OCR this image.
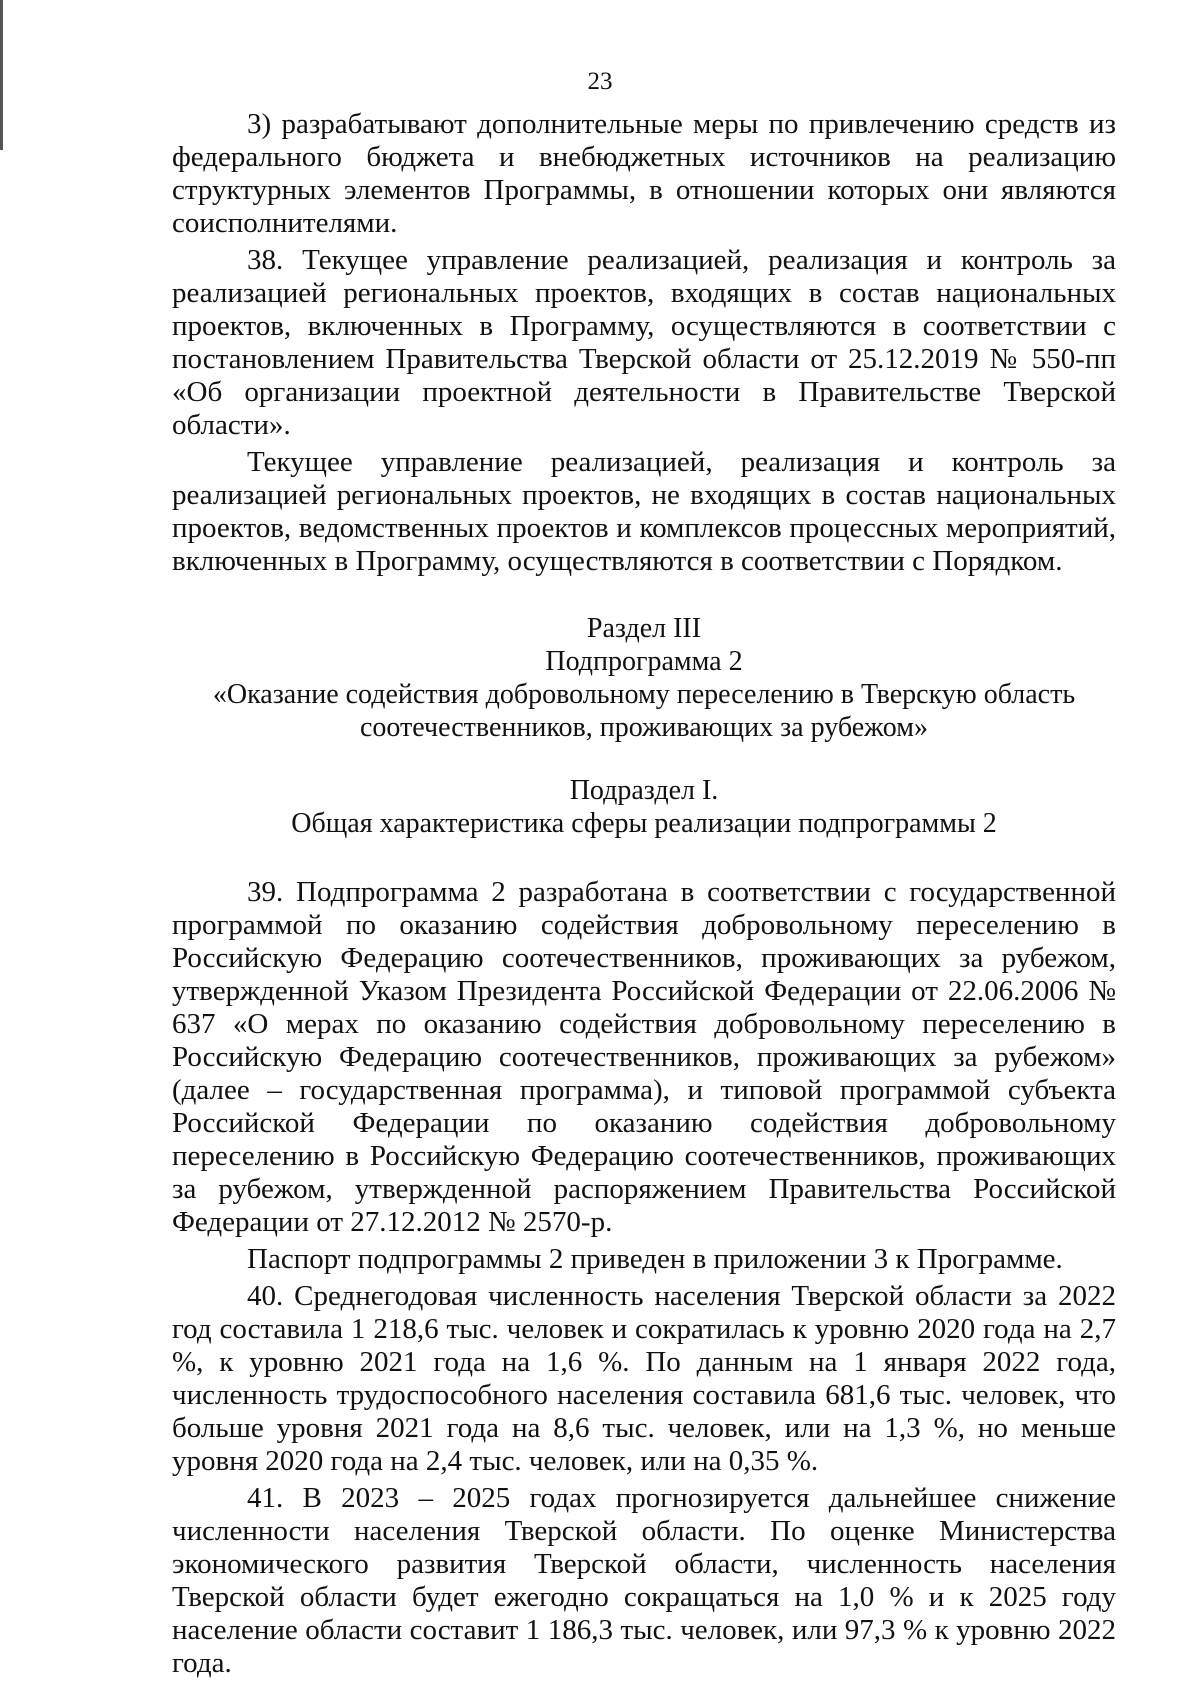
23

3) разрабатывают дополнительные меры по привлечению средств из федерального бюджета и внебюджетных источников на реализацию структурных элементов Программы, в отношении которых они являются соисполнителями.

38. Текущее управление реализацией, реализация и контроль за реализацией региональных проектов, входящих в состав национальных проектов, включенных в Программу, осуществляются в соответствии с постановлением Правительства Тверской области от 25.12.2019 № 550-пп «Об организации проектной деятельности в Правительстве Тверской области».

Текущее управление реализацией, реализация и контроль за реализацией региональных проектов, не входящих в состав национальных проектов, ведомственных проектов и комплексов процессных мероприятий, включенных в Программу, осуществляются в соответствии с Порядком.

Раздел III

Подпрограмма 2

«Оказание содействия добровольному переселению в Тверскую область

соотечественников, проживающих за рубежом»

Подраздел I.

Общая характеристика сферы реализации подпрограммы 2

39. Подпрограмма 2 разработана в соответствии с государственной программой по оказанию содействия добровольному переселению в Российскую Федерацию соотечественников, проживающих за рубежом, утвержденной Указом Президента Российской Федерации от 22.06.2006 № 637 «О мерах по оказанию содействия добровольному переселению в Российскую Федерацию соотечественников, проживающих за рубежом» (далее – государственная программа), и типовой программой субъекта Российской Федерации по оказанию содействия добровольному переселению в Российскую Федерацию соотечественников, проживающих за рубежом, утвержденной распоряжением Правительства Российской Федерации от 27.12.2012 № 2570-р.

Паспорт подпрограммы 2 приведен в приложении 3 к Программе.

40. Среднегодовая численность населения Тверской области за 2022 год составила 1 218,6 тыс. человек и сократилась к уровню 2020 года на 2,7 %, к уровню 2021 года на 1,6 %. По данным на 1 января 2022 года, численность трудоспособного населения составила 681,6 тыс. человек, что больше уровня 2021 года на 8,6 тыс. человек, или на 1,3 %, но меньше уровня 2020 года на 2,4 тыс. человек, или на 0,35 %.

41. В 2023 – 2025 годах прогнозируется дальнейшее снижение численности населения Тверской области. По оценке Министерства экономического развития Тверской области, численность населения Тверской области будет ежегодно сокращаться на 1,0 % и к 2025 году население области составит 1 186,3 тыс. человек, или 97,3 % к уровню 2022 года.
